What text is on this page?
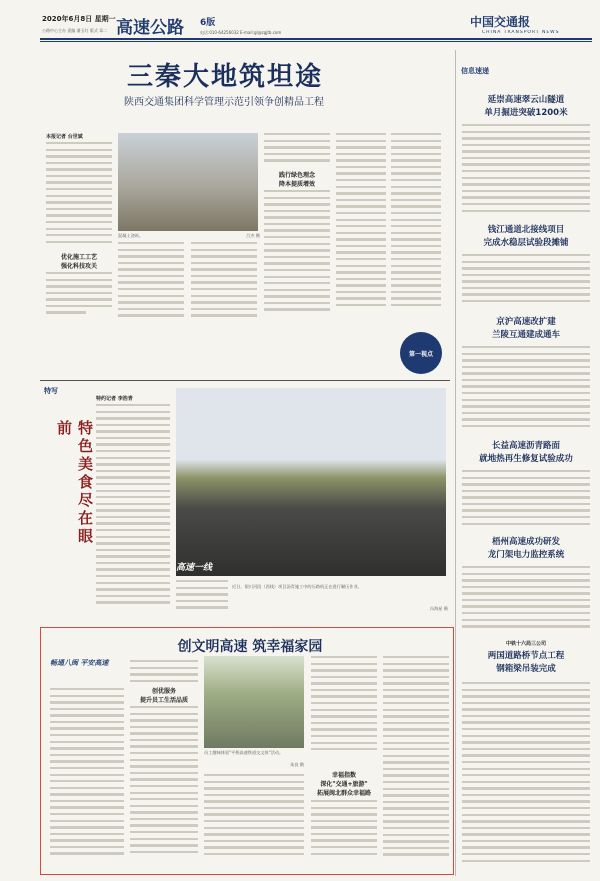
2020年6月8日 星期一
公路中心主办 责编 潘玉红 版式 章二 高速公路 6版
电话:010-64256032 E-mail:gl@zgjtb.com
中国交通报
CHINA TRANSPORT NEWS
三秦大地筑坦途
陕西交通集团科学管理示范引领争创精品工程
本报记者 台世斌
优化施工工艺
强化科技攻关
混凝土浇筑。	吕杰 摄
践行绿色理念
降本提质增效
第一视点
特写
特色美食尽在眼前
特约记者 李浩青
高速一线
近日，银川河段（西线）项目沥青施工中的压路机正在进行碾压作业。
冯海星 摄
创文明高速 筑幸福家园
畅通八闽 平安高速
创优服务
提升员工生活品质
员工趣味体验"平桥高速铁道交文体"活动。
朱良 摄
幸福指数
深化"交通+旅游"
拓展闽北群众幸福路
信息速递
延崇高速翠云山隧道
单月掘进突破1200米
钱江通道北接线项目
完成水稳层试验段摊铺
京沪高速改扩建
兰陵互通建成通车
长益高速沥青路面
就地热再生修复试验成功
梧州高速成功研发
龙门架电力监控系统
中铁十六局三公司
两国道路桥节点工程
钢箱梁吊装完成
